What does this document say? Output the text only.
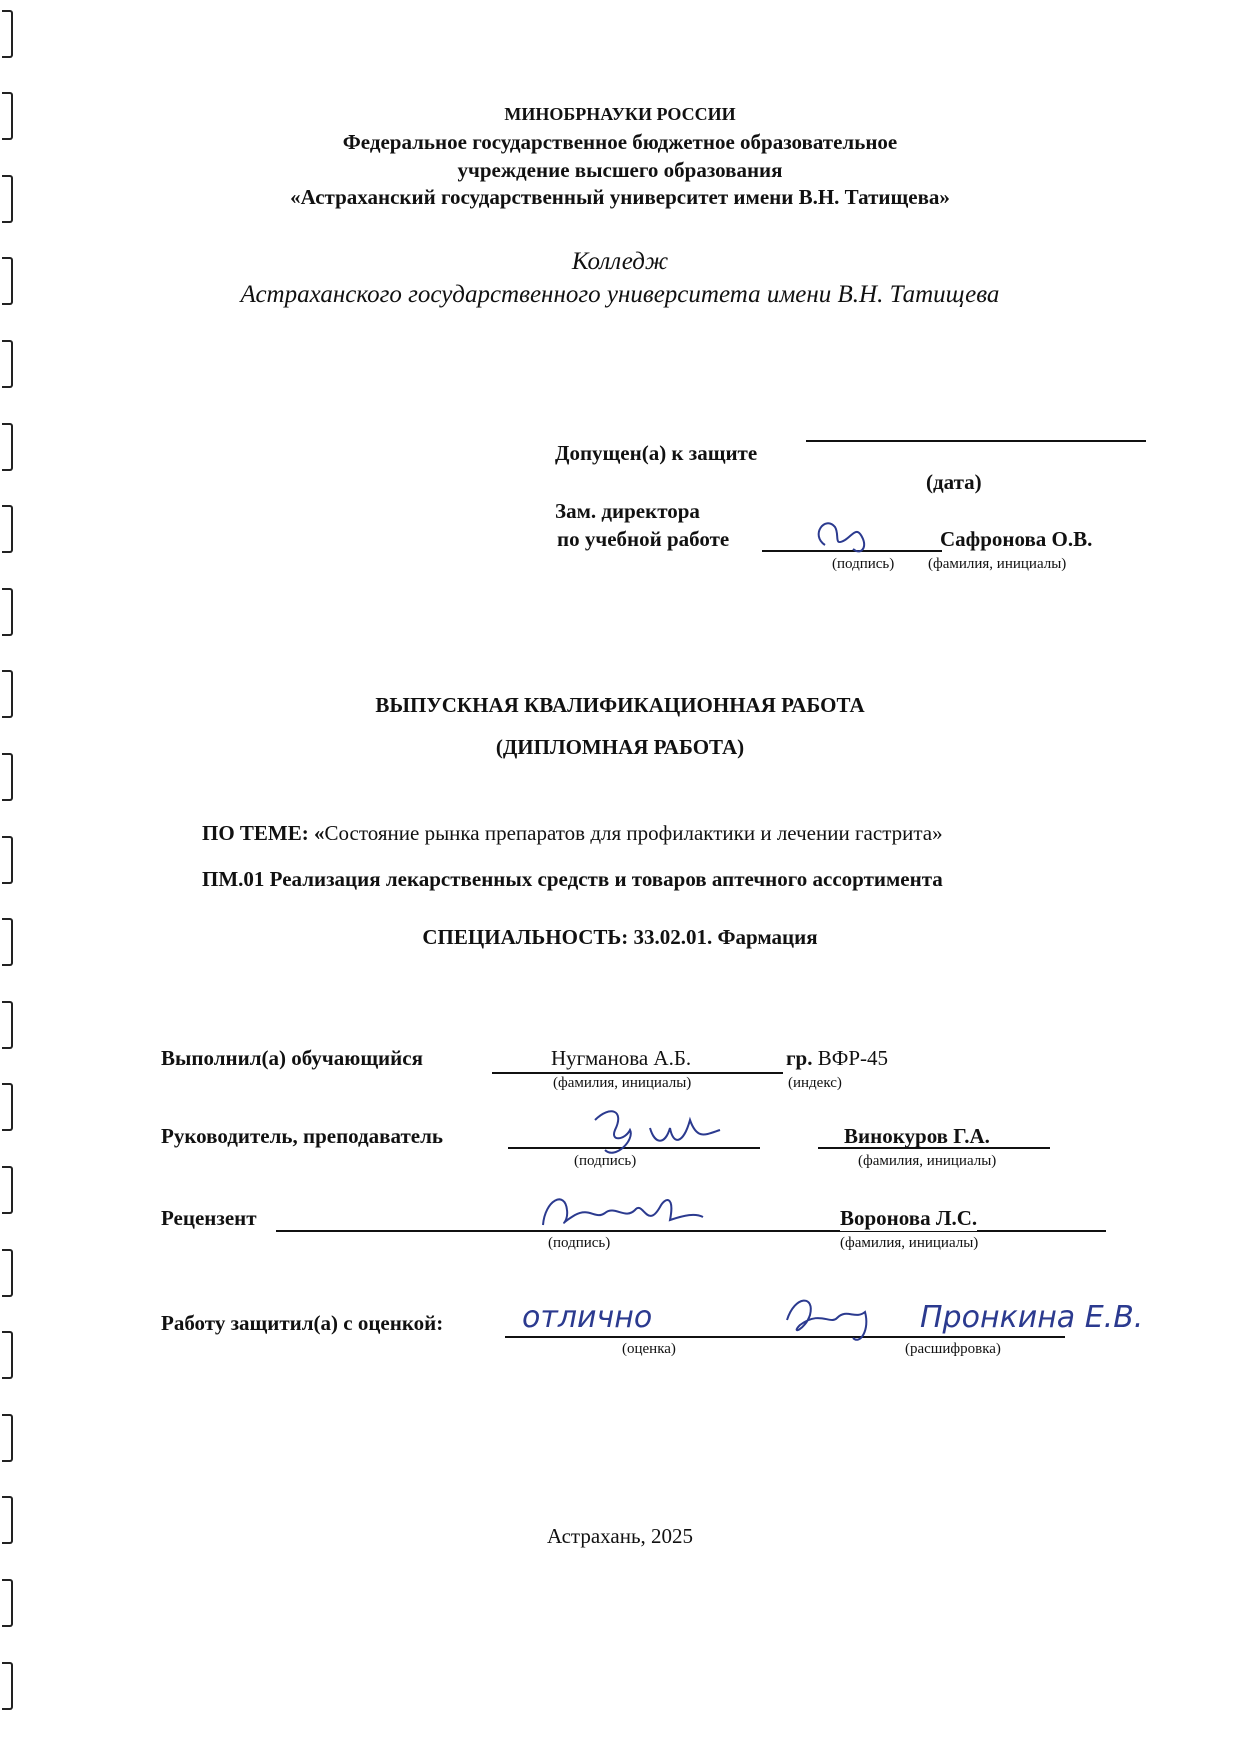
МИНОБРНАУКИ РОССИИ
Федеральное государственное бюджетное образовательное
учреждение высшего образования
«Астраханский государственный университет имени В.Н. Татищева»
Колледж
Астраханского государственного университета имени В.Н. Татищева
Допущен(а) к защите
(дата)
Зам. директора
по учебной работе	Сафронова О.В.
(подпись) (фамилия, инициалы)
ВЫПУСКНАЯ КВАЛИФИКАЦИОННАЯ РАБОТА
(ДИПЛОМНАЯ РАБОТА)
ПО ТЕМЕ: «Состояние рынка препаратов для профилактики и лечении гастрита»
ПМ.01 Реализация лекарственных средств и товаров аптечного ассортимента
СПЕЦИАЛЬНОСТЬ: 33.02.01. Фармация
Выполнил(а) обучающийся	Нугманова А.Б.	гр. ВФР-45
(фамилия, инициалы)	(индекс)
Руководитель, преподаватель	Винокуров Г.А.
(подпись)	(фамилия, инициалы)
Рецензент	Воронова Л.С.
(подпись)	(фамилия, инициалы)
Работу защитил(а) с оценкой:	отлично	Пронкина Е.В.
(оценка)	(расшифровка)
Астрахань, 2025
